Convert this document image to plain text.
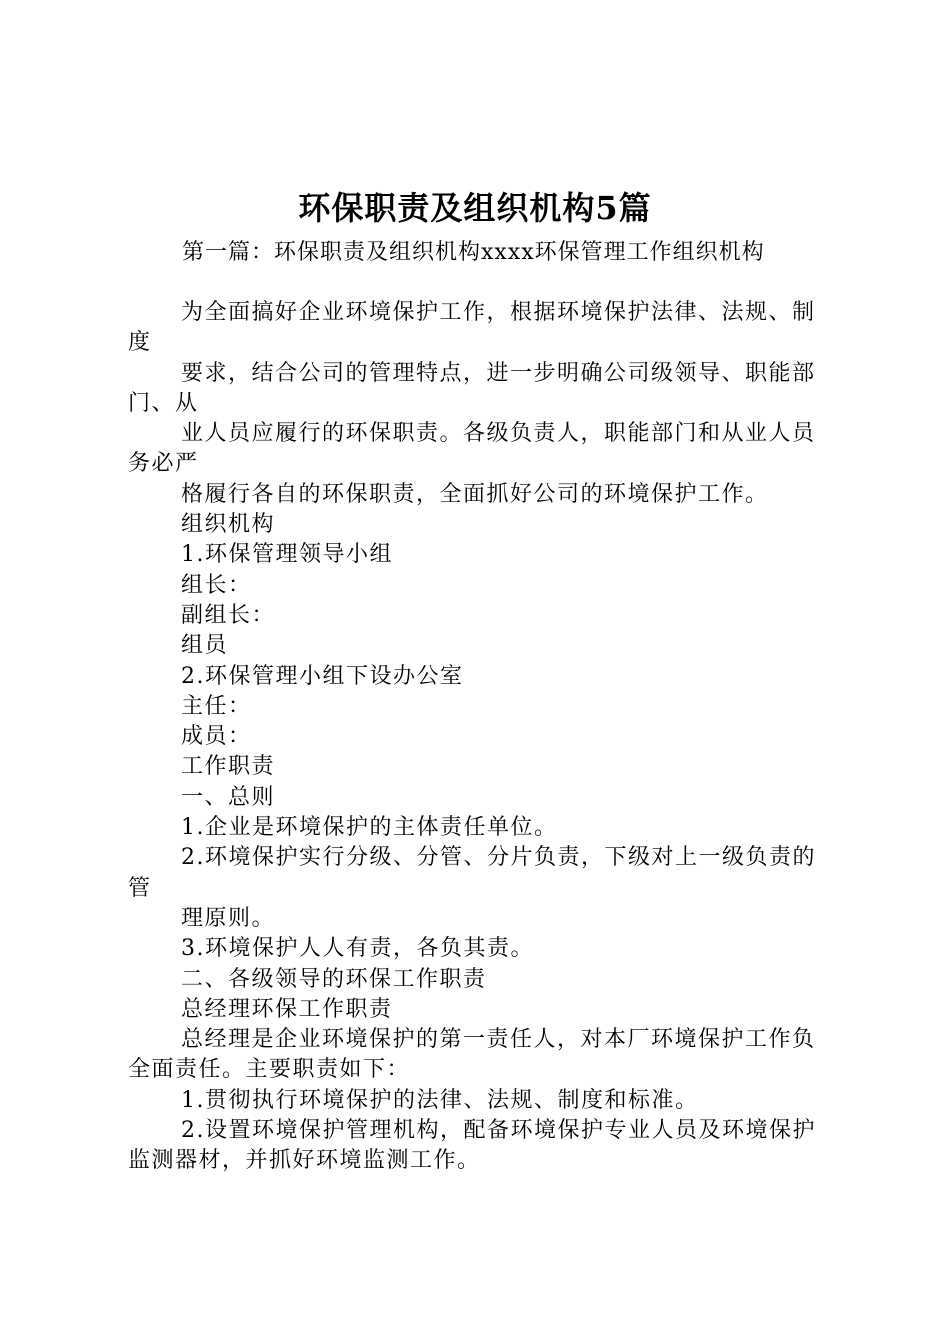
环保职责及组织机构5篇
第一篇：环保职责及组织机构xxxx环保管理工作组织机构

为全面搞好企业环境保护工作，根据环境保护法律、法规、制度

要求，结合公司的管理特点，进一步明确公司级领导、职能部门、从

业人员应履行的环保职责。各级负责人，职能部门和从业人员务必严

格履行各自的环保职责，全面抓好公司的环境保护工作。

组织机构

1.环保管理领导小组

组长：

副组长：

组员

2.环保管理小组下设办公室

主任：

成员：

工作职责

一、总则

1.企业是环境保护的主体责任单位。

2.环境保护实行分级、分管、分片负责，下级对上一级负责的管

理原则。

3.环境保护人人有责，各负其责。

二、各级领导的环保工作职责

总经理环保工作职责

总经理是企业环境保护的第一责任人，对本厂环境保护工作负全面责任。主要职责如下：

1.贯彻执行环境保护的法律、法规、制度和标准。

2.设置环境保护管理机构，配备环境保护专业人员及环境保护监测器材，并抓好环境监测工作。
